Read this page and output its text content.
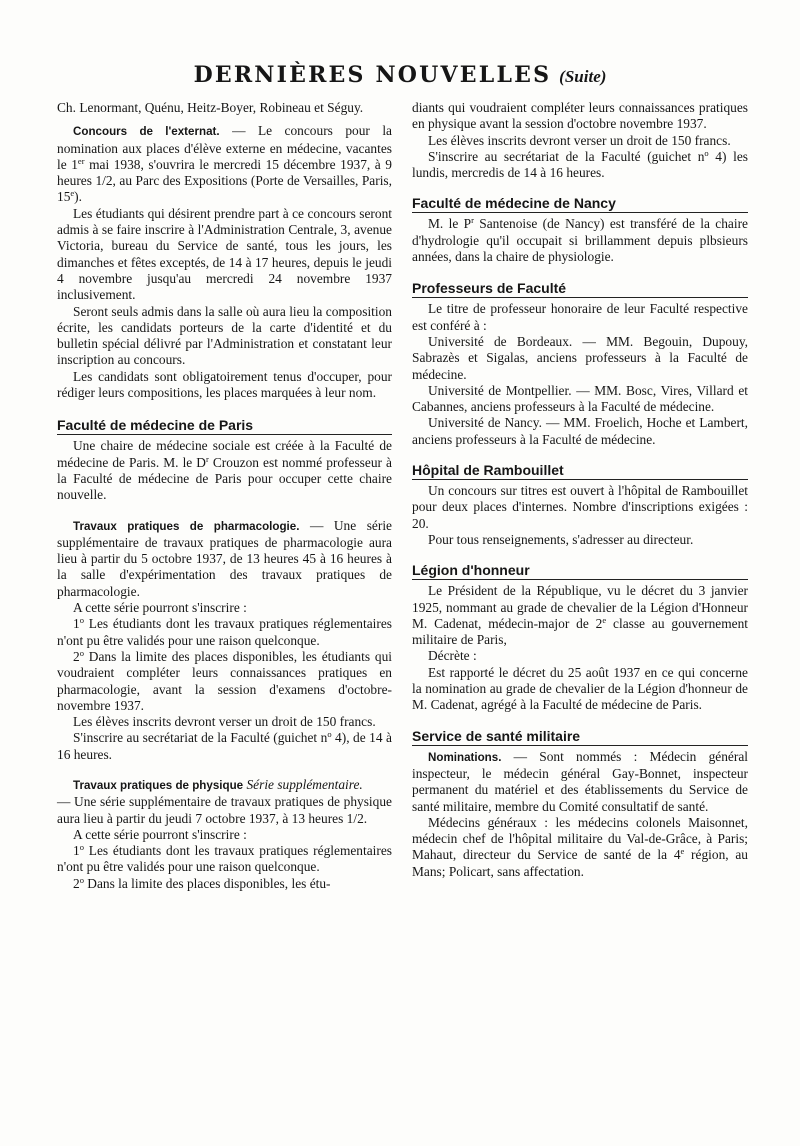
DERNIÈRES NOUVELLES (Suite)

Ch. Lenormant, Quénu, Heitz-Boyer, Robineau et Séguy.

Concours de l'externat. — Le concours pour la nomination aux places d'élève externe en médecine, vacantes le 1er mai 1938, s'ouvrira le mercredi 15 décembre 1937, à 9 heures 1/2, au Parc des Expositions (Porte de Versailles, Paris, 15e).

Les étudiants qui désirent prendre part à ce concours seront admis à se faire inscrire à l'Administration Centrale, 3, avenue Victoria, bureau du Service de santé, tous les jours, les dimanches et fêtes exceptés, de 14 à 17 heures, depuis le jeudi 4 novembre jusqu'au mercredi 24 novembre 1937 inclusivement.

Seront seuls admis dans la salle où aura lieu la composition écrite, les candidats porteurs de la carte d'identité et du bulletin spécial délivré par l'Administration et constatant leur inscription au concours.

Les candidats sont obligatoirement tenus d'occuper, pour rédiger leurs compositions, les places marquées à leur nom.

Faculté de médecine de Paris

Une chaire de médecine sociale est créée à la Faculté de médecine de Paris. M. le $D^r$ Crouzon est nommé professeur à la Faculté de médecine de Paris pour occuper cette chaire nouvelle.

Travaux pratiques de pharmacologie. — Une série supplémentaire de travaux pratiques de pharmacologie aura lieu à partir du 5 octobre 1937, de 13 heures 45 à 16 heures à la salle d'expérimentation des travaux pratiques de pharmacologie.

A cette série pourront s'inscrire :

1$^o$ Les étudiants dont les travaux pratiques réglementaires n'ont pu être validés pour une raison quelconque.

2$^o$ Dans la limite des places disponibles, les étudiants qui voudraient compléter leurs connaissances pratiques en pharmacologie, avant la session d'examens d'octobre-novembre 1937.

Les élèves inscrits devront verser un droit de 150 francs.

S'inscrire au secrétariat de la Faculté (guichet $n^o$ 4), de 14 à 16 heures.

Travaux pratiques de physique Série supplémentaire.

— Une série supplémentaire de travaux pratiques de physique aura lieu à partir du jeudi 7 octobre 1937, à 13 heures 1/2.

A cette série pourront s'inscrire :

1$^o$ Les étudiants dont les travaux pratiques réglementaires n'ont pu être validés pour une raison quelconque.

2$^o$ Dans la limite des places disponibles, les étu-

diants qui voudraient compléter leurs connaissances pratiques en physique avant la session d'octobre novembre 1937.

Les élèves inscrits devront verser un droit de 150 francs.

S'inscrire au secrétariat de la Faculté (guichet $n^o$ 4) les lundis, mercredis de 14 à 16 heures.

Faculté de médecine de Nancy

M. le $P^r$ Santenoise (de Nancy) est transféré de la chaire d'hydrologie qu'il occupait si brillamment depuis plbsieurs années, dans la chaire de physiologie.

Professeurs de Faculté

Le titre de professeur honoraire de leur Faculté respective est conféré à :

Université de Bordeaux. — MM. Begouin, Dupouy, Sabrazès et Sigalas, anciens professeurs à la Faculté de médecine.

Université de Montpellier. — MM. Bosc, Vires, Villard et Cabannes, anciens professeurs à la Faculté de médecine.

Université de Nancy. — MM. Froelich, Hoche et Lambert, anciens professeurs à la Faculté de médecine.

Hôpital de Rambouillet

Un concours sur titres est ouvert à l'hôpital de Rambouillet pour deux places d'internes. Nombre d'inscriptions exigées : 20.

Pour tous renseignements, s'adresser au directeur.

Légion d'honneur

Le Président de la République, vu le décret du 3 janvier 1925, nommant au grade de chevalier de la Légion d'Honneur M. Cadenat, médecin-major de 2e classe au gouvernement militaire de Paris,

Décrète :

Est rapporté le décret du 25 août 1937 en ce qui concerne la nomination au grade de chevalier de la Légion d'honneur de M. Cadenat, agrégé à la Faculté de médecine de Paris.

Service de santé militaire

Nominations. — Sont nommés : Médecin général inspecteur, le médecin général Gay-Bonnet, inspecteur permanent du matériel et des établissements du Service de santé militaire, membre du Comité consultatif de santé.

Médecins généraux : les médecins colonels Maisonnet, médecin chef de l'hôpital militaire du Val-de-Grâce, à Paris; Mahaut, directeur du Service de santé de la 4e région, au Mans; Policart, sans affectation.
